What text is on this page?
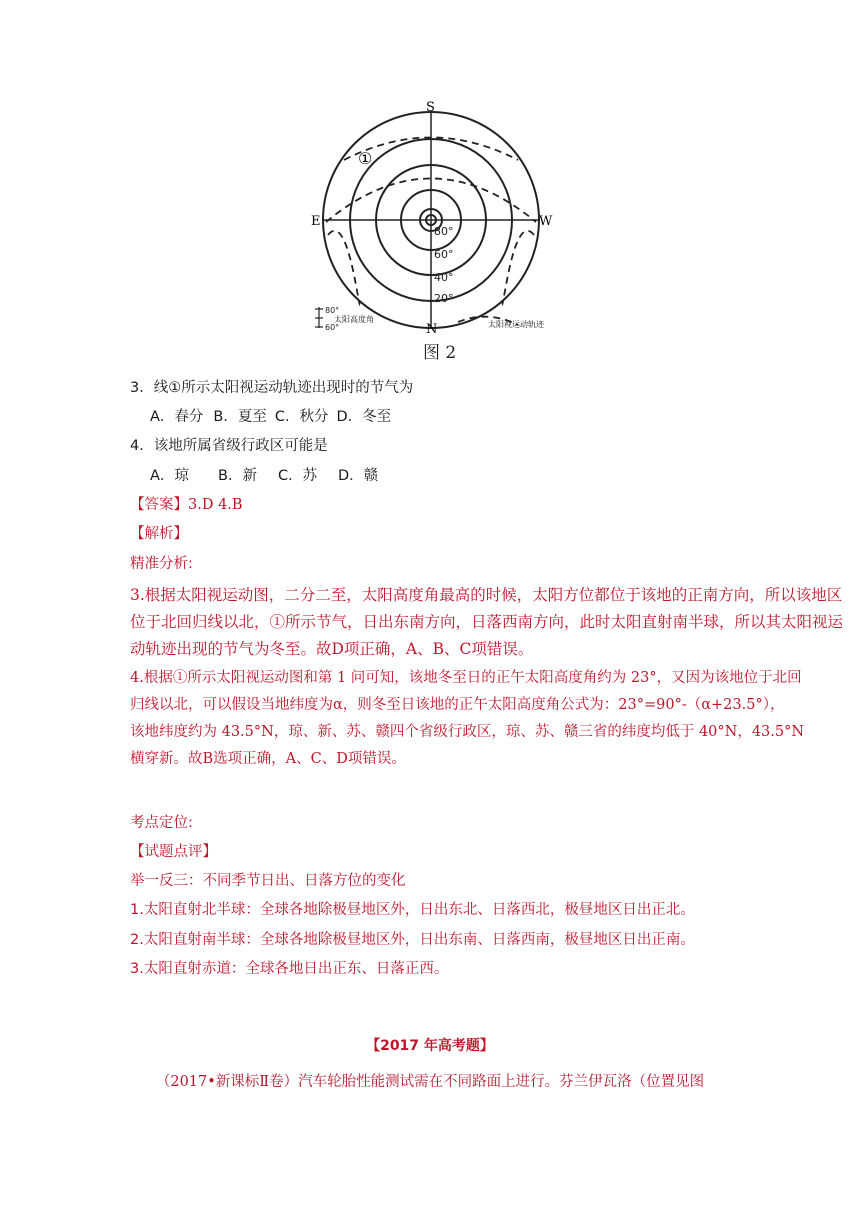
S
N
E	W
①
80°
60°
40°
20°
80°
60°
太阳高度角
太阳视运动轨迹
图 2
3．线①所示太阳视运动轨迹出现时的节气为
A．春分 B．夏至 C．秋分 D．冬至
4．该地所属省级行政区可能是
A．琼 B．新 C．苏 D．赣
【答案】3.D 4.B
【解析】
精准分析:
3.根据太阳视运动图，二分二至，太阳高度角最高的时候，太阳方位都位于该地的正南方向，所以该地区
位于北回归线以北，①所示节气，日出东南方向，日落西南方向，此时太阳直射南半球，所以其太阳视运
动轨迹出现的节气为冬至。故D项正确，A、B、C项错误。
4.根据①所示太阳视运动图和第 1 问可知，该地冬至日的正午太阳高度角约为 23°，又因为该地位于北回
归线以北，可以假设当地纬度为α，则冬至日该地的正午太阳高度角公式为：23°=90°-（α+23.5°），
该地纬度约为 43.5°N，琼、新、苏、赣四个省级行政区，琼、苏、赣三省的纬度均低于 40°N，43.5°N
横穿新。故B选项正确，A、C、D项错误。
考点定位:
【试题点评】
举一反三：不同季节日出、日落方位的变化
1.太阳直射北半球：全球各地除极昼地区外，日出东北、日落西北，极昼地区日出正北。
2.太阳直射南半球：全球各地除极昼地区外，日出东南、日落西南，极昼地区日出正南。
3.太阳直射赤道：全球各地日出正东、日落正西。
【2017 年高考题】
（2017•新课标Ⅱ卷）汽车轮胎性能测试需在不同路面上进行。芬兰伊瓦洛（位置见图
